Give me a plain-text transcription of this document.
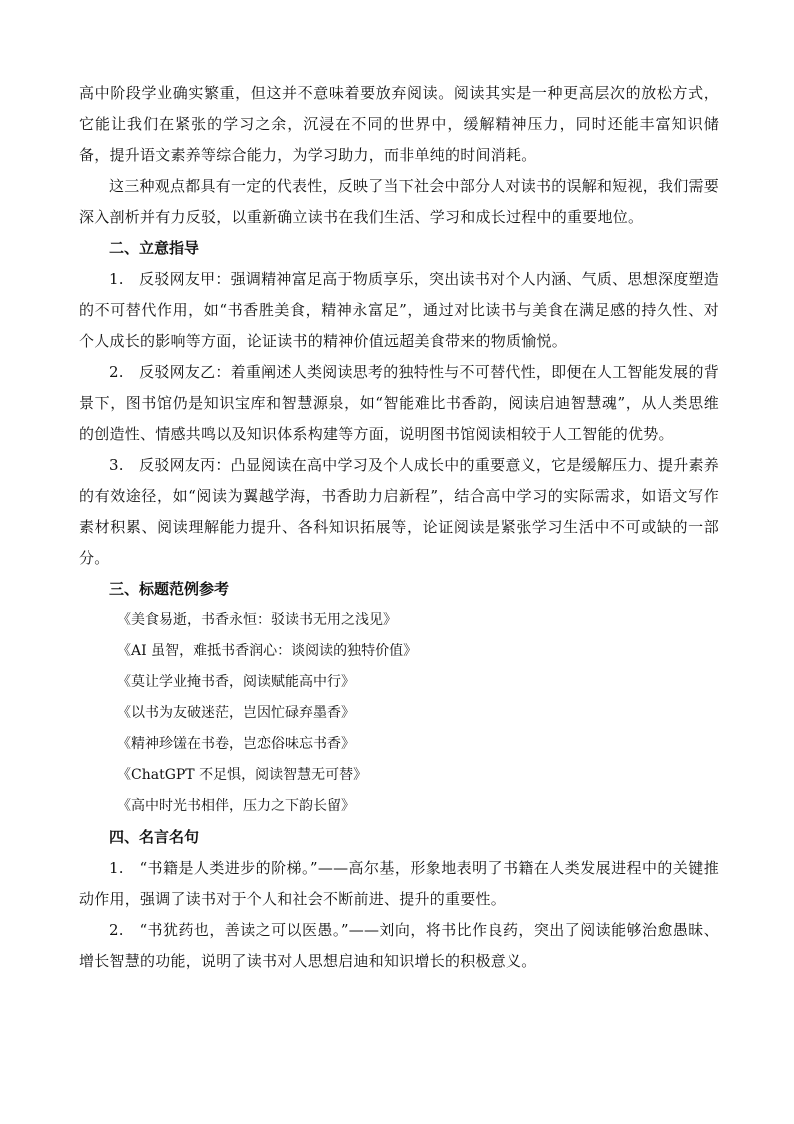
高中阶段学业确实繁重，但这并不意味着要放弃阅读。阅读其实是一种更高层次的放松方式，它能让我们在紧张的学习之余，沉浸在不同的世界中，缓解精神压力，同时还能丰富知识储备，提升语文素养等综合能力，为学习助力，而非单纯的时间消耗。

这三种观点都具有一定的代表性，反映了当下社会中部分人对读书的误解和短视，我们需要深入剖析并有力反驳，以重新确立读书在我们生活、学习和成长过程中的重要地位。

二、立意指导

1.　反驳网友甲：强调精神富足高于物质享乐，突出读书对个人内涵、气质、思想深度塑造的不可替代作用，如“书香胜美食，精神永富足”，通过对比读书与美食在满足感的持久性、对个人成长的影响等方面，论证读书的精神价值远超美食带来的物质愉悦。

2.　反驳网友乙：着重阐述人类阅读思考的独特性与不可替代性，即便在人工智能发展的背景下，图书馆仍是知识宝库和智慧源泉，如“智能难比书香韵，阅读启迪智慧魂”，从人类思维的创造性、情感共鸣以及知识体系构建等方面，说明图书馆阅读相较于人工智能的优势。

3.　反驳网友丙：凸显阅读在高中学习及个人成长中的重要意义，它是缓解压力、提升素养的有效途径，如“阅读为翼越学海，书香助力启新程”，结合高中学习的实际需求，如语文写作素材积累、阅读理解能力提升、各科知识拓展等，论证阅读是紧张学习生活中不可或缺的一部分。

三、标题范例参考
《美食易逝，书香永恒：驳读书无用之浅见》
《AI 虽智，难抵书香润心：谈阅读的独特价值》
《莫让学业掩书香，阅读赋能高中行》
《以书为友破迷茫，岂因忙碌弃墨香》
《精神珍馐在书卷，岂恋俗味忘书香》
《ChatGPT 不足惧，阅读智慧无可替》
《高中时光书相伴，压力之下韵长留》
四、名言名句

1.　“书籍是人类进步的阶梯。”——高尔基，形象地表明了书籍在人类发展进程中的关键推动作用，强调了读书对于个人和社会不断前进、提升的重要性。

2.　“书犹药也，善读之可以医愚。”——刘向，将书比作良药，突出了阅读能够治愈愚昧、增长智慧的功能，说明了读书对人思想启迪和知识增长的积极意义。
